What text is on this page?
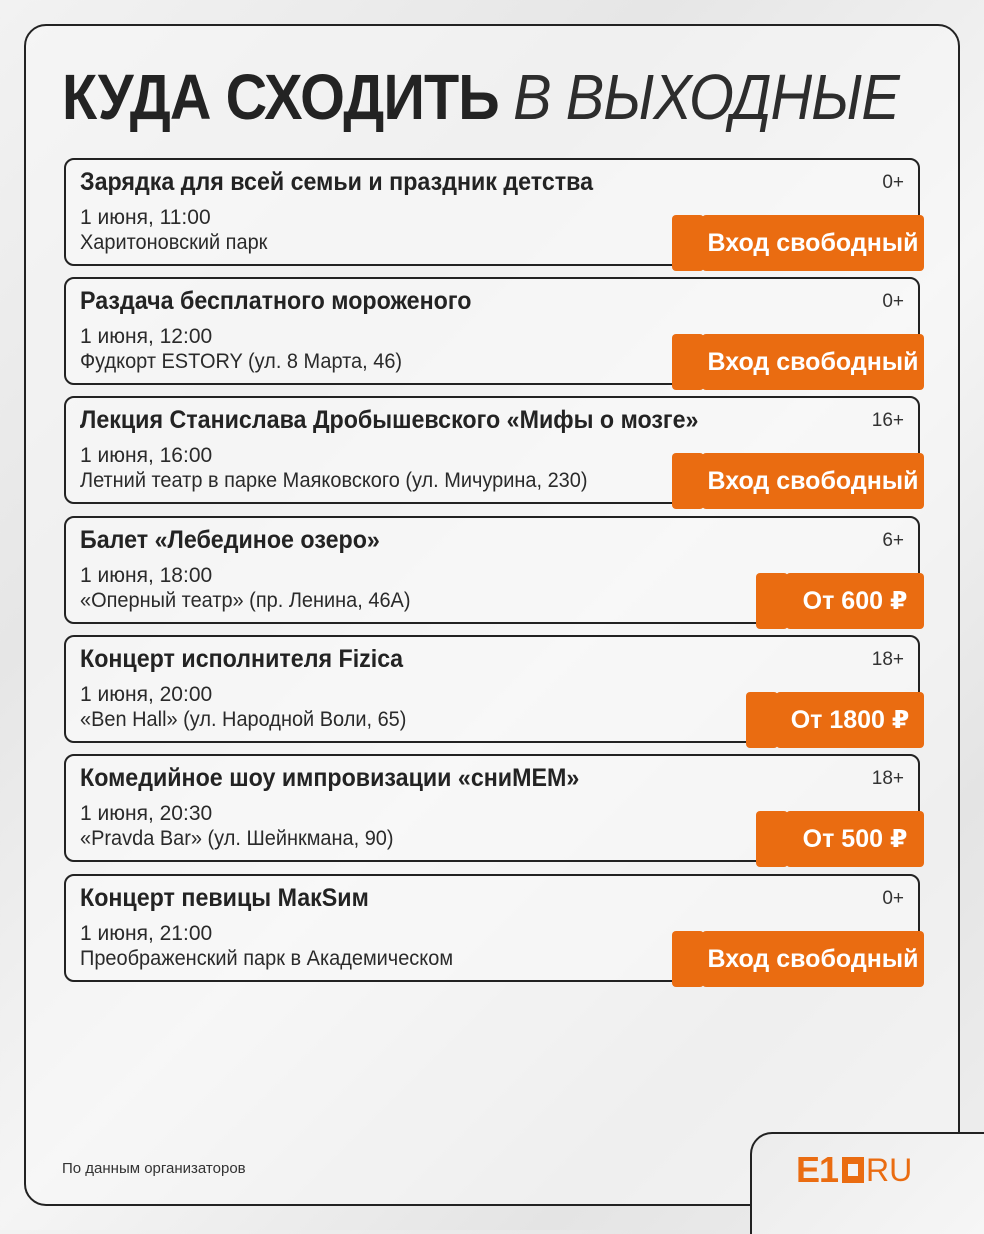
КУДА СХОДИТЬ В ВЫХОДНЫЕ
Зарядка для всей семьи и праздник детства	0+
1 июня, 11:00
Харитоновский парк	Вход свободный
Раздача бесплатного мороженого	0+
1 июня, 12:00
Фудкорт ESTORY (ул. 8 Марта, 46)	Вход свободный
Лекция Станислава Дробышевского «Мифы о мозге»	16+
1 июня, 16:00
Летний театр в парке Маяковского (ул. Мичурина, 230)	Вход свободный
Балет «Лебединое озеро»	6+
1 июня, 18:00
«Оперный театр» (пр. Ленина, 46А)	От 600 ₽
Концерт исполнителя Fizica	18+
1 июня, 20:00
«Ben Hall» (ул. Народной Воли, 65)	От 1800 ₽
Комедийное шоу импровизации «сниМЕМ»	18+
1 июня, 20:30
«Pravda Bar» (ул. Шейнкмана, 90)	От 500 ₽
Концерт певицы МакSим	0+
1 июня, 21:00
Преображенский парк в Академическом	Вход свободный
По данным организаторов	E1 RU
